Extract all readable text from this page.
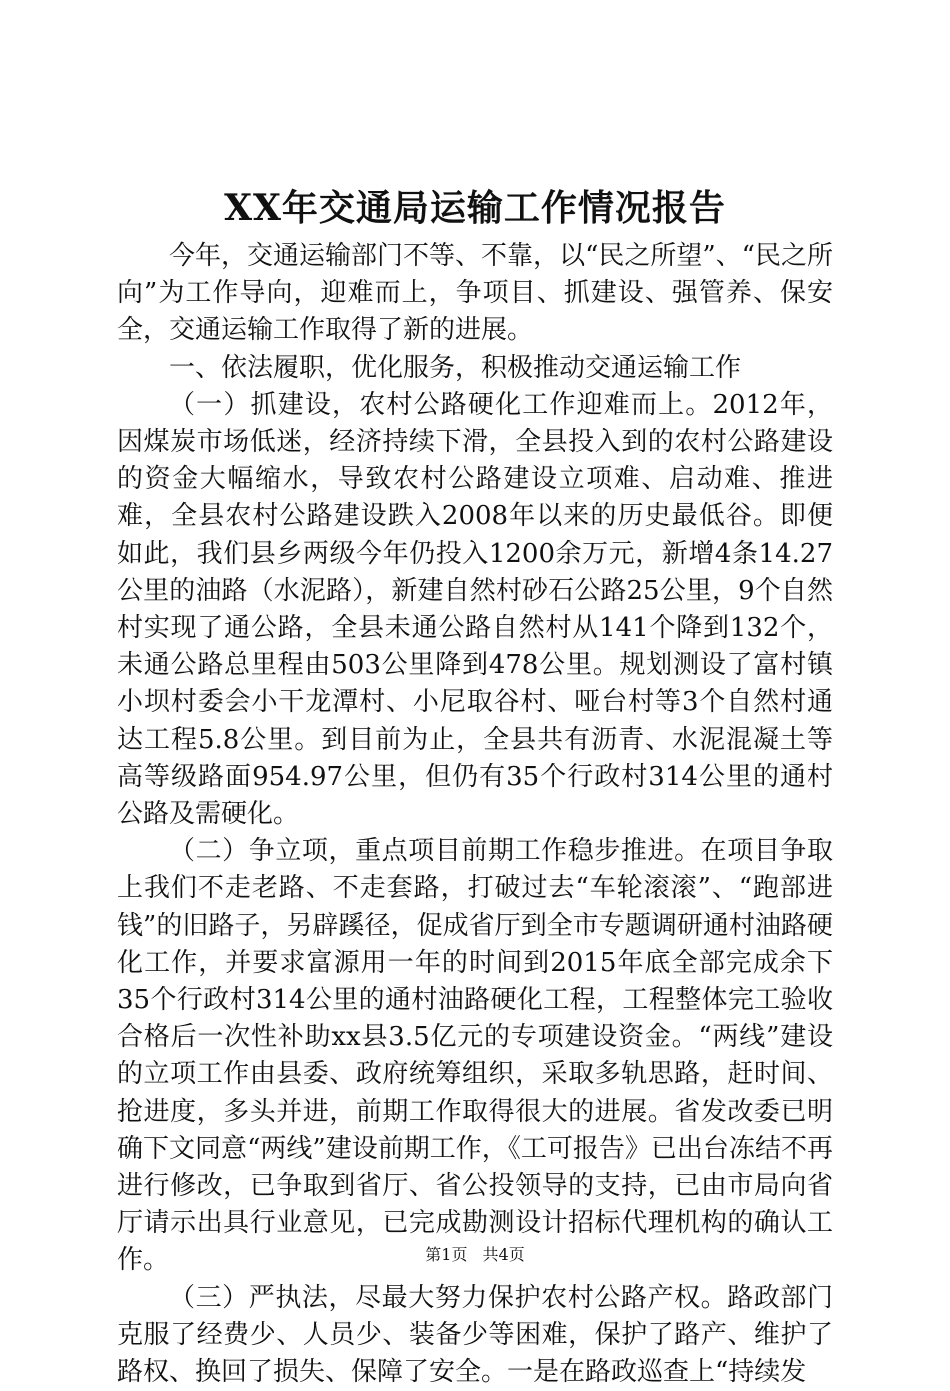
XX年交通局运输工作情况报告

今年，交通运输部门不等、不靠，以“民之所望”、“民之所向”为工作导向，迎难而上，争项目、抓建设、强管养、保安全，交通运输工作取得了新的进展。

一、依法履职，优化服务，积极推动交通运输工作

（一）抓建设，农村公路硬化工作迎难而上。2012年，因煤炭市场低迷，经济持续下滑，全县投入到的农村公路建设的资金大幅缩水，导致农村公路建设立项难、启动难、推进难，全县农村公路建设跌入2008年以来的历史最低谷。即便如此，我们县乡两级今年仍投入1200余万元，新增4条14.27公里的油路（水泥路），新建自然村砂石公路25公里，9个自然村实现了通公路，全县未通公路自然村从141个降到132个，未通公路总里程由503公里降到478公里。规划测设了富村镇小坝村委会小干龙潭村、小尼取谷村、哑台村等3个自然村通达工程5.8公里。到目前为止，全县共有沥青、水泥混凝土等高等级路面954.97公里，但仍有35个行政村314公里的通村公路及需硬化。

（二）争立项，重点项目前期工作稳步推进。在项目争取上我们不走老路、不走套路，打破过去“车轮滚滚”、“跑部进钱”的旧路子，另辟蹊径，促成省厅到全市专题调研通村油路硬化工作，并要求富源用一年的时间到2015年底全部完成余下35个行政村314公里的通村油路硬化工程，工程整体完工验收合格后一次性补助xx县3.5亿元的专项建设资金。“两线”建设的立项工作由县委、政府统筹组织，采取多轨思路，赶时间、抢进度，多头并进，前期工作取得很大的进展。省发改委已明确下文同意“两线”建设前期工作，《工可报告》已出台冻结不再进行修改，已争取到省厅、省公投领导的支持，已由市局向省厅请示出具行业意见，已完成勘测设计招标代理机构的确认工作。

（三）严执法，尽最大努力保护农村公路产权。路政部门克服了经费少、人员少、装备少等困难，保护了路产、维护了路权、换回了损失、保障了安全。一是在路政巡查上“持续发

第1页 共4页
